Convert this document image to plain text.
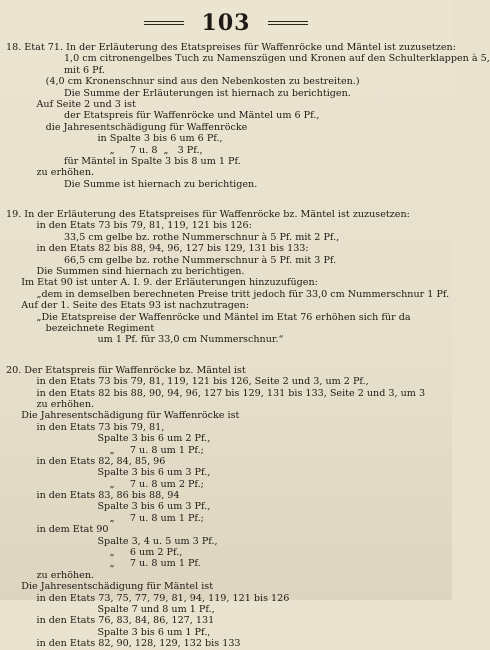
103
18. Etat 71. In der Erläuterung des Etatspreises für Waffenröcke und Mäntel ist zuzusetzen:
1,0 cm citronengelbes Tuch zu Namenszügen und Kronen auf den Schulterklappen à 5,
mit 6 Pf.
(4,0 cm Kronenschnur sind aus den Nebenkosten zu bestreiten.)
Die Summe der Erläuterungen ist hiernach zu berichtigen.
Auf Seite 2 und 3 ist
der Etatspreis für Waffenröcke und Mäntel um 6 Pf.,
die Jahresentschädigung für Waffenröcke
in Spalte 3 bis 6 um 6 Pf.,
„     7 u. 8  „   3 Pf.,
für Mäntel in Spalte 3 bis 8 um 1 Pf.
zu erhöhen.
Die Summe ist hiernach zu berichtigen.
19. In der Erläuterung des Etatspreises für Waffenröcke bz. Mäntel ist zuzusetzen:
in den Etats 73 bis 79, 81, 119, 121 bis 126:
33,5 cm gelbe bz. rothe Nummerschnur à 5 Pf. mit 2 Pf.,
in den Etats 82 bis 88, 94, 96, 127 bis 129, 131 bis 133:
66,5 cm gelbe bz. rothe Nummerschnur à 5 Pf. mit 3 Pf.
Die Summen sind hiernach zu berichtigen.
Im Etat 90 ist unter A. I. 9. der Erläuterungen hinzuzufügen:
„dem in demselben berechneten Preise tritt jedoch für 33,0 cm Nummerschnur 1 Pf.
Auf der 1. Seite des Etats 93 ist nachzutragen:
„Die Etatspreise der Waffenröcke und Mäntel im Etat 76 erhöhen sich für da
bezeichnete Regiment
um 1 Pf. für 33,0 cm Nummerschnur.“
20. Der Etatspreis für Waffenröcke bz. Mäntel ist
in den Etats 73 bis 79, 81, 119, 121 bis 126, Seite 2 und 3, um 2 Pf.,
in den Etats 82 bis 88, 90, 94, 96, 127 bis 129, 131 bis 133, Seite 2 und 3, um 3
zu erhöhen.
Die Jahresentschädigung für Waffenröcke ist
in den Etats 73 bis 79, 81,
Spalte 3 bis 6 um 2 Pf.,
„     7 u. 8 um 1 Pf.;
in den Etats 82, 84, 85, 96
Spalte 3 bis 6 um 3 Pf.,
„     7 u. 8 um 2 Pf.;
in den Etats 83, 86 bis 88, 94
Spalte 3 bis 6 um 3 Pf.,
„     7 u. 8 um 1 Pf.;
in dem Etat 90
Spalte 3, 4 u. 5 um 3 Pf.,
„     6 um 2 Pf.,
„     7 u. 8 um 1 Pf.
zu erhöhen.
Die Jahresentschädigung für Mäntel ist
in den Etats 73, 75, 77, 79, 81, 94, 119, 121 bis 126
Spalte 7 und 8 um 1 Pf.,
in den Etats 76, 83, 84, 86, 127, 131
Spalte 3 bis 6 um 1 Pf.,
in den Etats 82, 90, 128, 129, 132 bis 133
